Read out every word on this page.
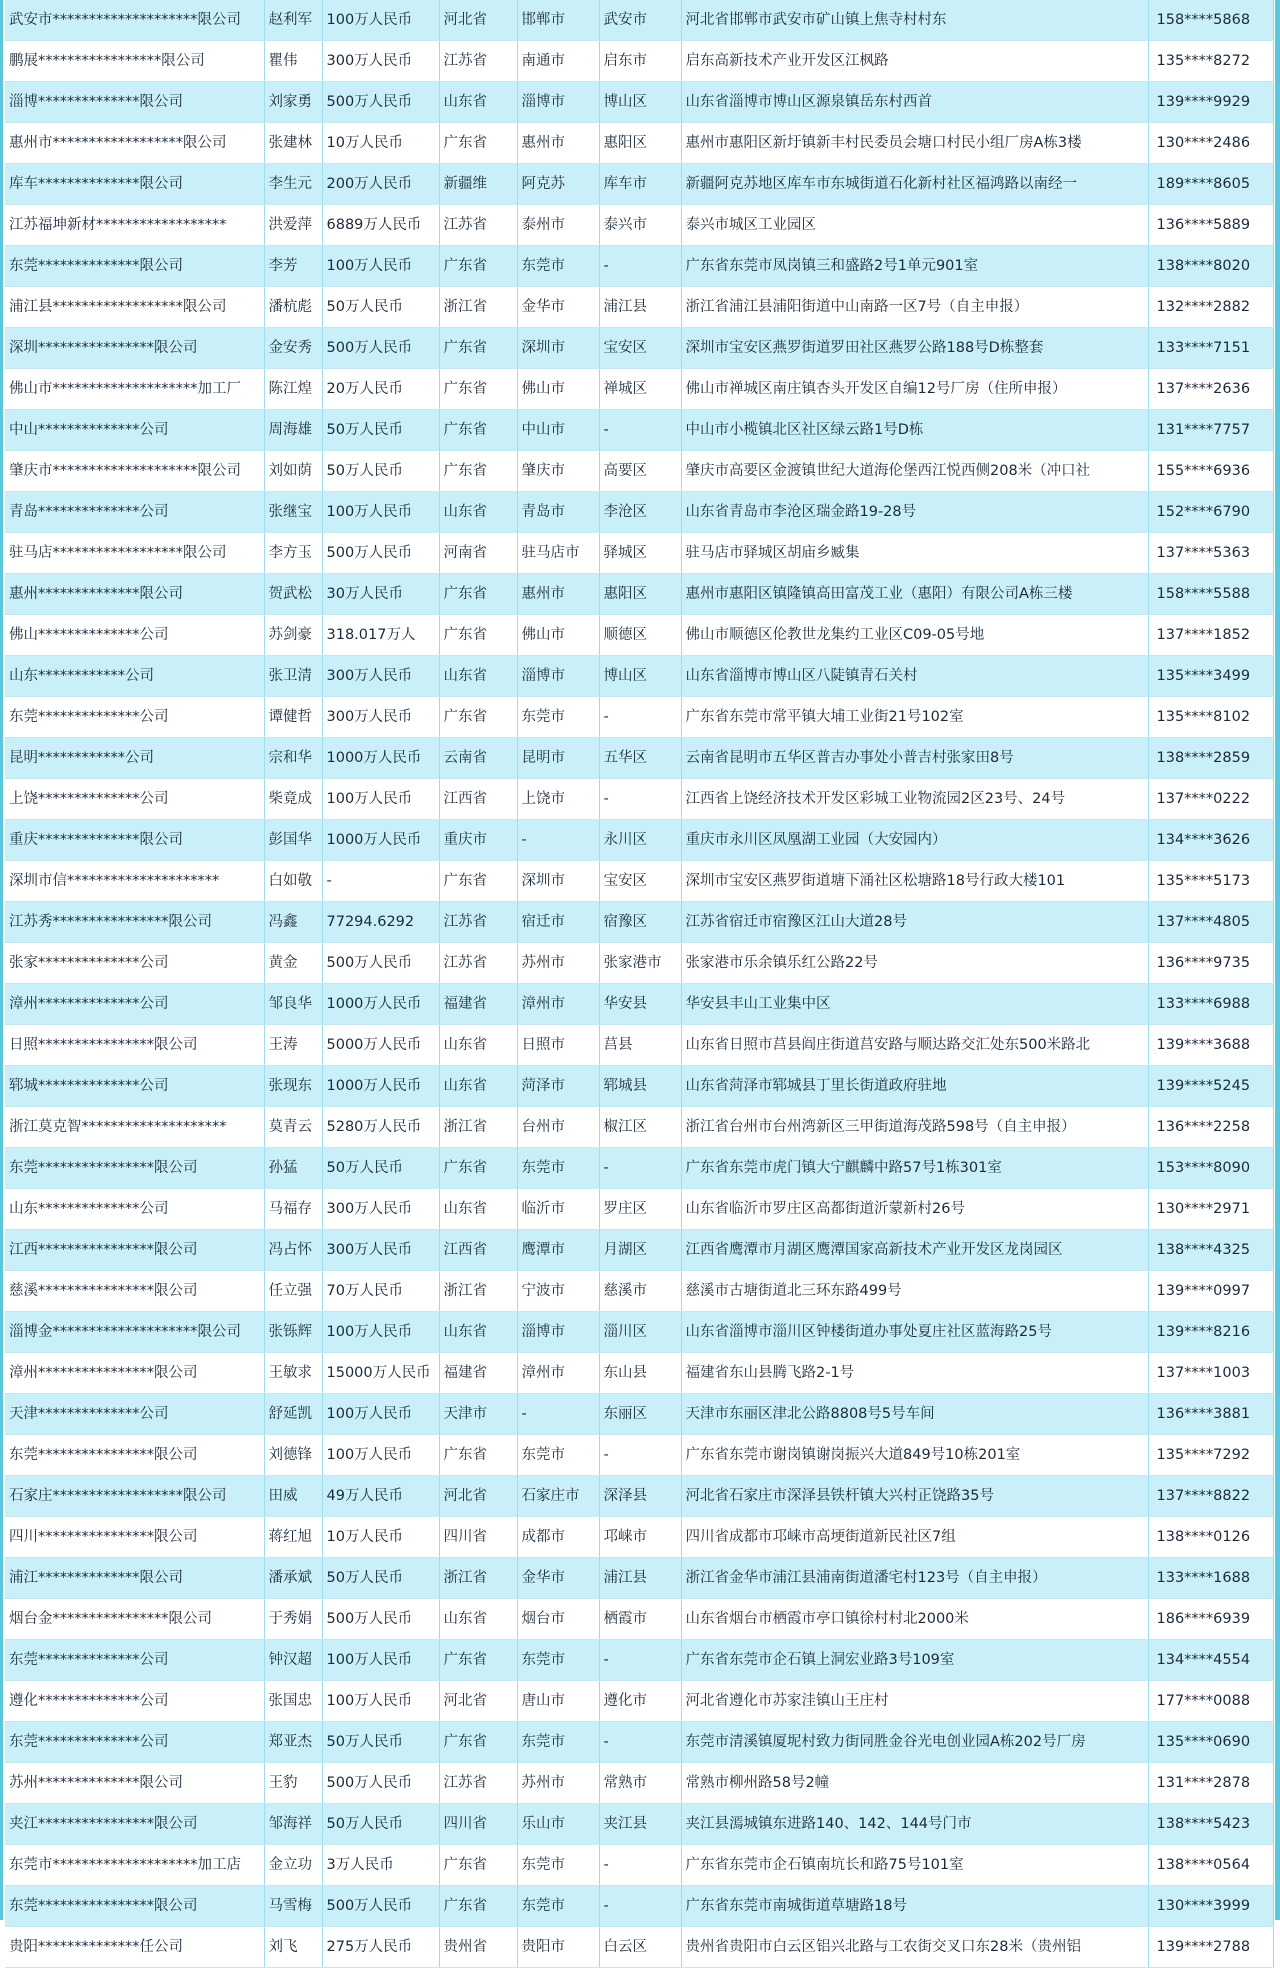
武安市********************限公司	赵利军	100万人民币	河北省	邯郸市	武安市	河北省邯郸市武安市矿山镇上焦寺村村东	158****5868
鹏展*****************限公司	瞿伟	300万人民币	江苏省	南通市	启东市	启东高新技术产业开发区江枫路	135****8272
淄博**************限公司	刘家勇	500万人民币	山东省	淄博市	博山区	山东省淄博市博山区源泉镇岳东村西首	139****9929
惠州市******************限公司	张建林	10万人民币	广东省	惠州市	惠阳区	惠州市惠阳区新圩镇新丰村民委员会塘口村民小组厂房A栋3楼	130****2486
库车**************限公司	李生元	200万人民币	新疆维	阿克苏	库车市	新疆阿克苏地区库车市东城街道石化新村社区福鸿路以南经一	189****8605
江苏福坤新材******************	洪爱萍	6889万人民币	江苏省	泰州市	泰兴市	泰兴市城区工业园区	136****5889
东莞**************限公司	李芳	100万人民币	广东省	东莞市	-	广东省东莞市凤岗镇三和盛路2号1单元901室	138****8020
浦江县******************限公司	潘杭彪	50万人民币	浙江省	金华市	浦江县	浙江省浦江县浦阳街道中山南路一区7号（自主申报）	132****2882
深圳****************限公司	金安秀	500万人民币	广东省	深圳市	宝安区	深圳市宝安区燕罗街道罗田社区燕罗公路188号D栋整套	133****7151
佛山市********************加工厂	陈江煌	20万人民币	广东省	佛山市	禅城区	佛山市禅城区南庄镇杏头开发区自编12号厂房（住所申报）	137****2636
中山**************公司	周海雄	50万人民币	广东省	中山市	-	中山市小榄镇北区社区绿云路1号D栋	131****7757
肇庆市********************限公司	刘如荫	50万人民币	广东省	肇庆市	高要区	肇庆市高要区金渡镇世纪大道海伦堡西江悦西侧208米（冲口社	155****6936
青岛**************公司	张继宝	100万人民币	山东省	青岛市	李沧区	山东省青岛市李沧区瑞金路19-28号	152****6790
驻马店******************限公司	李方玉	500万人民币	河南省	驻马店市	驿城区	驻马店市驿城区胡庙乡臧集	137****5363
惠州**************限公司	贺武松	30万人民币	广东省	惠州市	惠阳区	惠州市惠阳区镇隆镇高田富茂工业（惠阳）有限公司A栋三楼	158****5588
佛山**************公司	苏剑豪	318.017万人	广东省	佛山市	顺德区	佛山市顺德区伦教世龙集约工业区C09-05号地	137****1852
山东************公司	张卫清	300万人民币	山东省	淄博市	博山区	山东省淄博市博山区八陡镇青石关村	135****3499
东莞**************公司	谭健哲	300万人民币	广东省	东莞市	-	广东省东莞市常平镇大埔工业街21号102室	135****8102
昆明************公司	宗和华	1000万人民币	云南省	昆明市	五华区	云南省昆明市五华区普吉办事处小普吉村张家田8号	138****2859
上饶**************公司	柴竟成	100万人民币	江西省	上饶市	-	江西省上饶经济技术开发区彩城工业物流园2区23号、24号	137****0222
重庆**************限公司	彭国华	1000万人民币	重庆市	-	永川区	重庆市永川区凤凰湖工业园（大安园内）	134****3626
深圳市信*********************	白如敬	-	广东省	深圳市	宝安区	深圳市宝安区燕罗街道塘下涌社区松塘路18号行政大楼101	135****5173
江苏秀****************限公司	冯鑫	77294.6292	江苏省	宿迁市	宿豫区	江苏省宿迁市宿豫区江山大道28号	137****4805
张家**************公司	黄金	500万人民币	江苏省	苏州市	张家港市	张家港市乐余镇乐红公路22号	136****9735
漳州**************公司	邹良华	1000万人民币	福建省	漳州市	华安县	华安县丰山工业集中区	133****6988
日照****************限公司	王涛	5000万人民币	山东省	日照市	莒县	山东省日照市莒县阎庄街道莒安路与顺达路交汇处东500米路北	139****3688
郓城**************公司	张现东	1000万人民币	山东省	菏泽市	郓城县	山东省菏泽市郓城县丁里长街道政府驻地	139****5245
浙江莫克智********************	莫青云	5280万人民币	浙江省	台州市	椒江区	浙江省台州市台州湾新区三甲街道海茂路598号（自主申报）	136****2258
东莞****************限公司	孙猛	50万人民币	广东省	东莞市	-	广东省东莞市虎门镇大宁麒麟中路57号1栋301室	153****8090
山东**************公司	马福存	300万人民币	山东省	临沂市	罗庄区	山东省临沂市罗庄区高都街道沂蒙新村26号	130****2971
江西****************限公司	冯占怀	300万人民币	江西省	鹰潭市	月湖区	江西省鹰潭市月湖区鹰潭国家高新技术产业开发区龙岗园区	138****4325
慈溪****************限公司	任立强	70万人民币	浙江省	宁波市	慈溪市	慈溪市古塘街道北三环东路499号	139****0997
淄博金********************限公司	张铄辉	100万人民币	山东省	淄博市	淄川区	山东省淄博市淄川区钟楼街道办事处夏庄社区蓝海路25号	139****8216
漳州****************限公司	王敏求	15000万人民币	福建省	漳州市	东山县	福建省东山县腾飞路2-1号	137****1003
天津**************公司	舒延凯	100万人民币	天津市	-	东丽区	天津市东丽区津北公路8808号5号车间	136****3881
东莞****************限公司	刘德锋	100万人民币	广东省	东莞市	-	广东省东莞市谢岗镇谢岗振兴大道849号10栋201室	135****7292
石家庄******************限公司	田威	49万人民币	河北省	石家庄市	深泽县	河北省石家庄市深泽县铁杆镇大兴村正饶路35号	137****8822
四川****************限公司	蒋红旭	10万人民币	四川省	成都市	邛崃市	四川省成都市邛崃市高埂街道新民社区7组	138****0126
浦江**************限公司	潘承斌	50万人民币	浙江省	金华市	浦江县	浙江省金华市浦江县浦南街道潘宅村123号（自主申报）	133****1688
烟台金****************限公司	于秀娟	500万人民币	山东省	烟台市	栖霞市	山东省烟台市栖霞市亭口镇徐村村北2000米	186****6939
东莞**************公司	钟汉超	100万人民币	广东省	东莞市	-	广东省东莞市企石镇上洞宏业路3号109室	134****4554
遵化**************公司	张国忠	100万人民币	河北省	唐山市	遵化市	河北省遵化市苏家洼镇山王庄村	177****0088
东莞**************公司	郑亚杰	50万人民币	广东省	东莞市	-	东莞市清溪镇厦坭村致力街同胜金谷光电创业园A栋202号厂房	135****0690
苏州**************限公司	王豹	500万人民币	江苏省	苏州市	常熟市	常熟市柳州路58号2幢	131****2878
夹江****************限公司	邹海祥	50万人民币	四川省	乐山市	夹江县	夹江县漹城镇东进路140、142、144号门市	138****5423
东莞市********************加工店	金立功	3万人民币	广东省	东莞市	-	广东省东莞市企石镇南坑长和路75号101室	138****0564
东莞****************限公司	马雪梅	500万人民币	广东省	东莞市	-	广东省东莞市南城街道草塘路18号	130****3999
贵阳**************任公司	刘飞	275万人民币	贵州省	贵阳市	白云区	贵州省贵阳市白云区铝兴北路与工农街交叉口东28米（贵州铝	139****2788
